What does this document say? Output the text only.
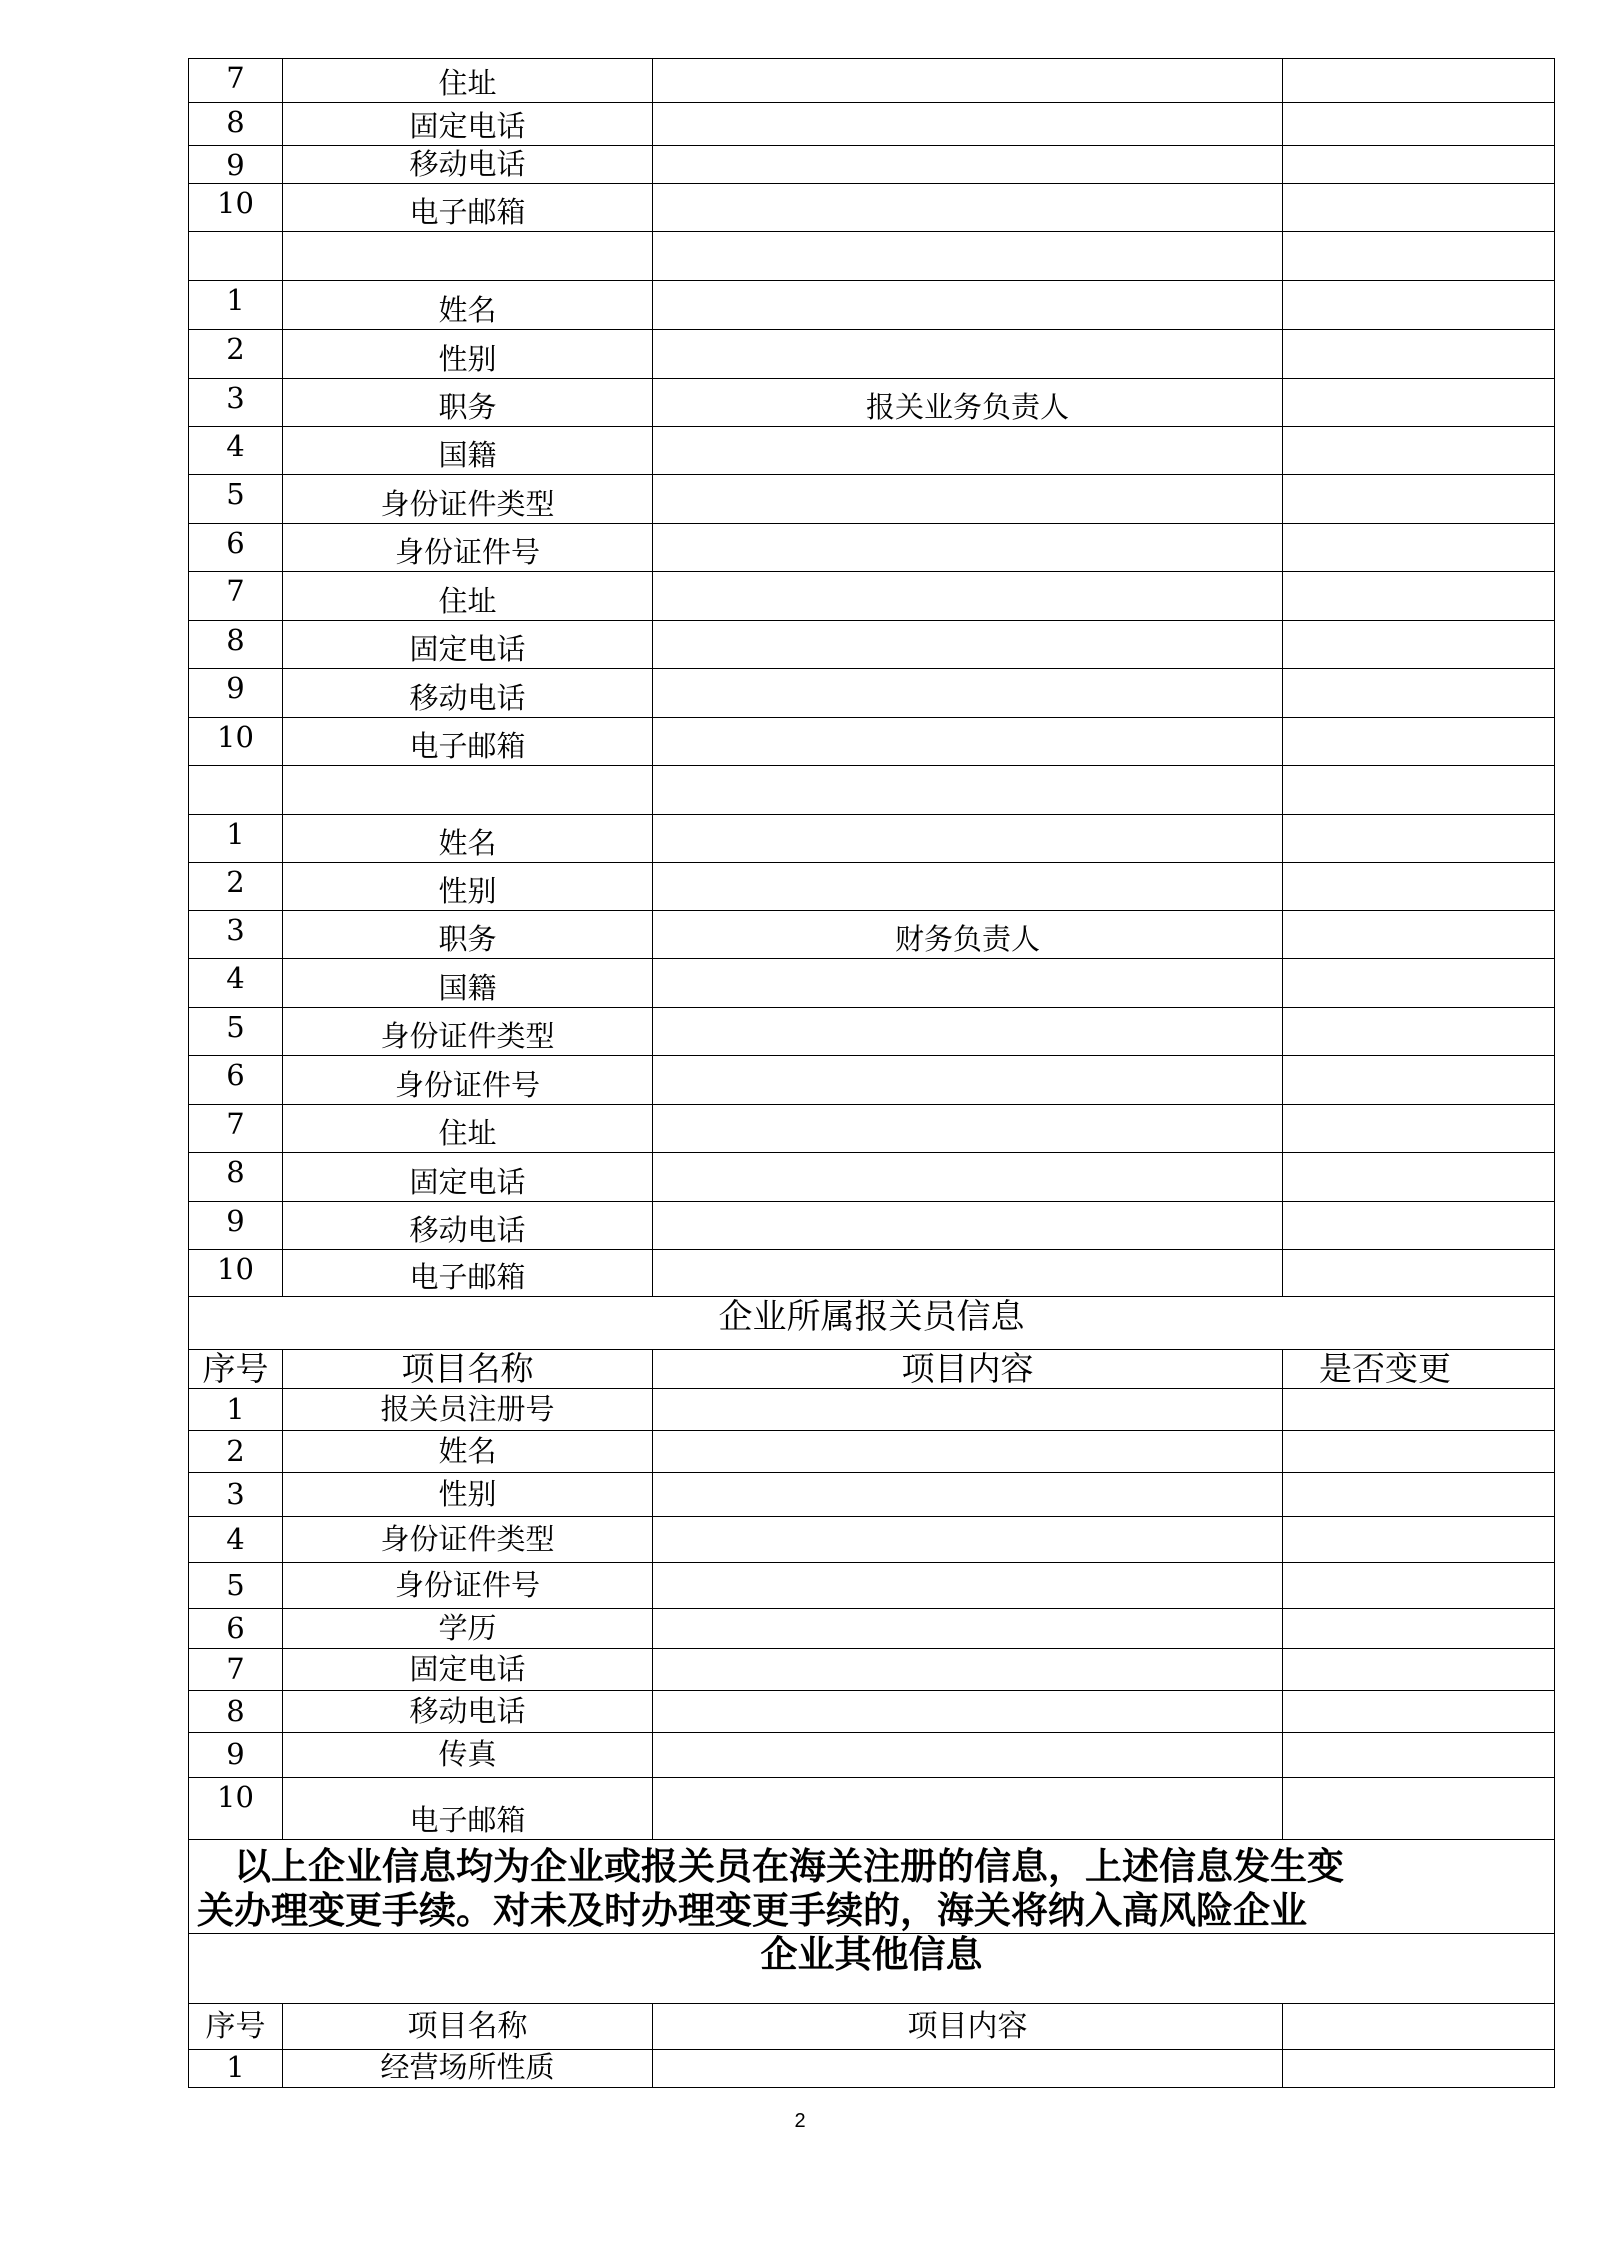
7	住址		
8	固定电话		
9	移动电话		
10	电子邮箱		

1	姓名		
2	性别		
3	职务	报关业务负责人	
4	国籍		
5	身份证件类型		
6	身份证件号		
7	住址		
8	固定电话		
9	移动电话		
10	电子邮箱		

1	姓名		
2	性别		
3	职务	财务负责人	
4	国籍		
5	身份证件类型		
6	身份证件号		
7	住址		
8	固定电话		
9	移动电话		
10	电子邮箱		
企业所属报关员信息			
序号	项目名称	项目内容	是否变更
1	报关员注册号		
2	姓名		
3	性别		
4	身份证件类型		
5	身份证件号		
6	学历		
7	固定电话		
8	移动电话		
9	传真		
10	电子邮箱		

以上企业信息均为企业或报关员在海关注册的信息，上述信息发生变
关办理变更手续。对未及时办理变更手续的，海关将纳入高风险企业			

企业其他信息			
序号	项目名称	项目内容	
1	经营场所性质		
2
